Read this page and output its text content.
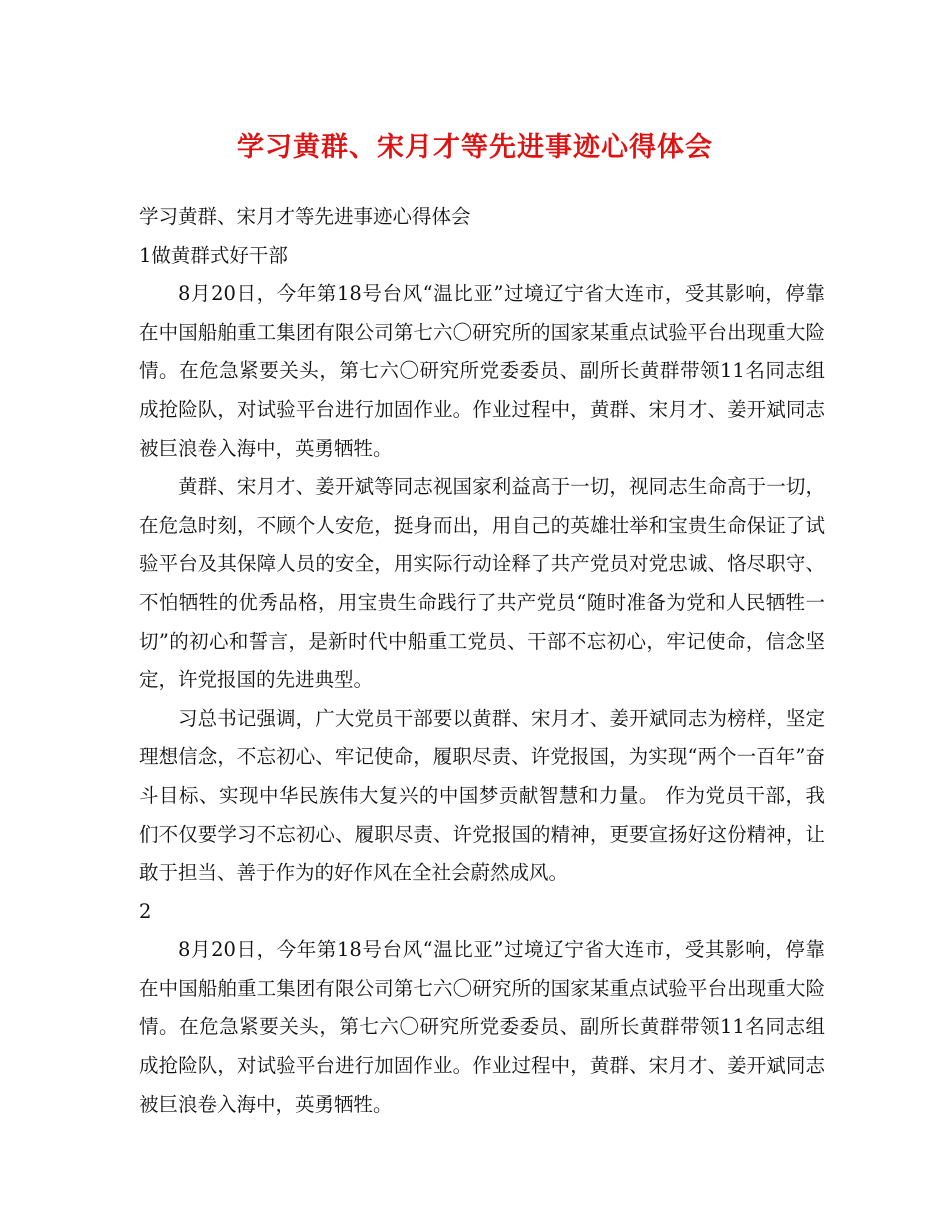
学习黄群、宋月才等先进事迹心得体会

学习黄群、宋月才等先进事迹心得体会

1做黄群式好干部

8月20日，今年第18号台风“温比亚”过境辽宁省大连市，受其影响，停靠在中国船舶重工集团有限公司第七六〇研究所的国家某重点试验平台出现重大险情。在危急紧要关头，第七六〇研究所党委委员、副所长黄群带领11名同志组成抢险队，对试验平台进行加固作业。作业过程中，黄群、宋月才、姜开斌同志被巨浪卷入海中，英勇牺牲。

黄群、宋月才、姜开斌等同志视国家利益高于一切，视同志生命高于一切，在危急时刻，不顾个人安危，挺身而出，用自己的英雄壮举和宝贵生命保证了试验平台及其保障人员的安全，用实际行动诠释了共产党员对党忠诚、恪尽职守、不怕牺牲的优秀品格，用宝贵生命践行了共产党员“随时准备为党和人民牺牲一切”的初心和誓言，是新时代中船重工党员、干部不忘初心，牢记使命，信念坚定，许党报国的先进典型。

习总书记强调，广大党员干部要以黄群、宋月才、姜开斌同志为榜样，坚定理想信念，不忘初心、牢记使命，履职尽责、许党报国，为实现“两个一百年”奋斗目标、实现中华民族伟大复兴的中国梦贡献智慧和力量。 作为党员干部，我们不仅要学习不忘初心、履职尽责、许党报国的精神，更要宣扬好这份精神，让敢于担当、善于作为的好作风在全社会蔚然成风。

2

8月20日，今年第18号台风“温比亚”过境辽宁省大连市，受其影响，停靠在中国船舶重工集团有限公司第七六〇研究所的国家某重点试验平台出现重大险情。在危急紧要关头，第七六〇研究所党委委员、副所长黄群带领11名同志组成抢险队，对试验平台进行加固作业。作业过程中，黄群、宋月才、姜开斌同志被巨浪卷入海中，英勇牺牲。
